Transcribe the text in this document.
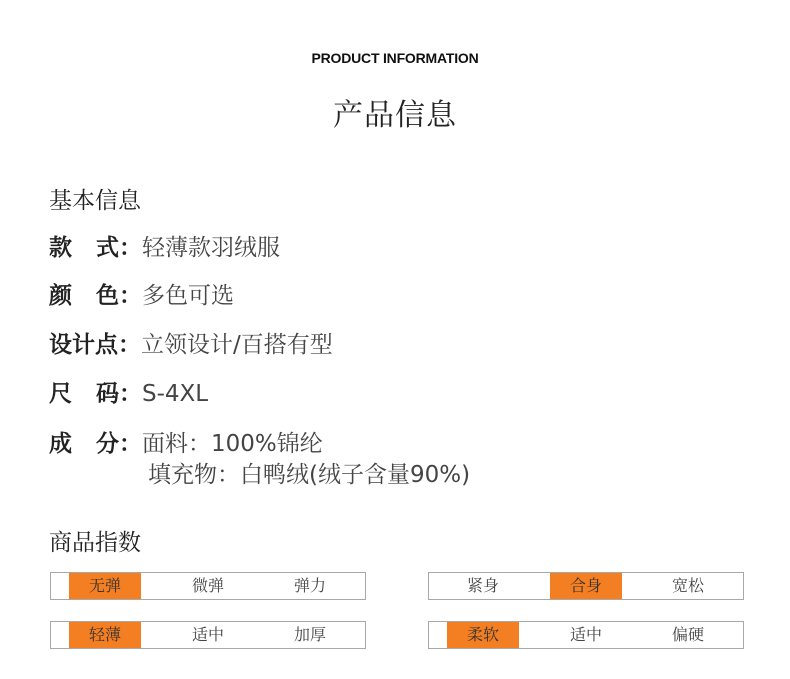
PRODUCT INFORMATION
产品信息
基本信息
款式：轻薄款羽绒服
颜色：多色可选
设计点：立领设计/百搭有型
尺码：S-4XL
成分：面料：100%锦纶
填充物：白鸭绒(绒子含量90%)
商品指数
无弹	微弹	弹力	紧身	合身	宽松
轻薄	适中	加厚	柔软	适中	偏硬
